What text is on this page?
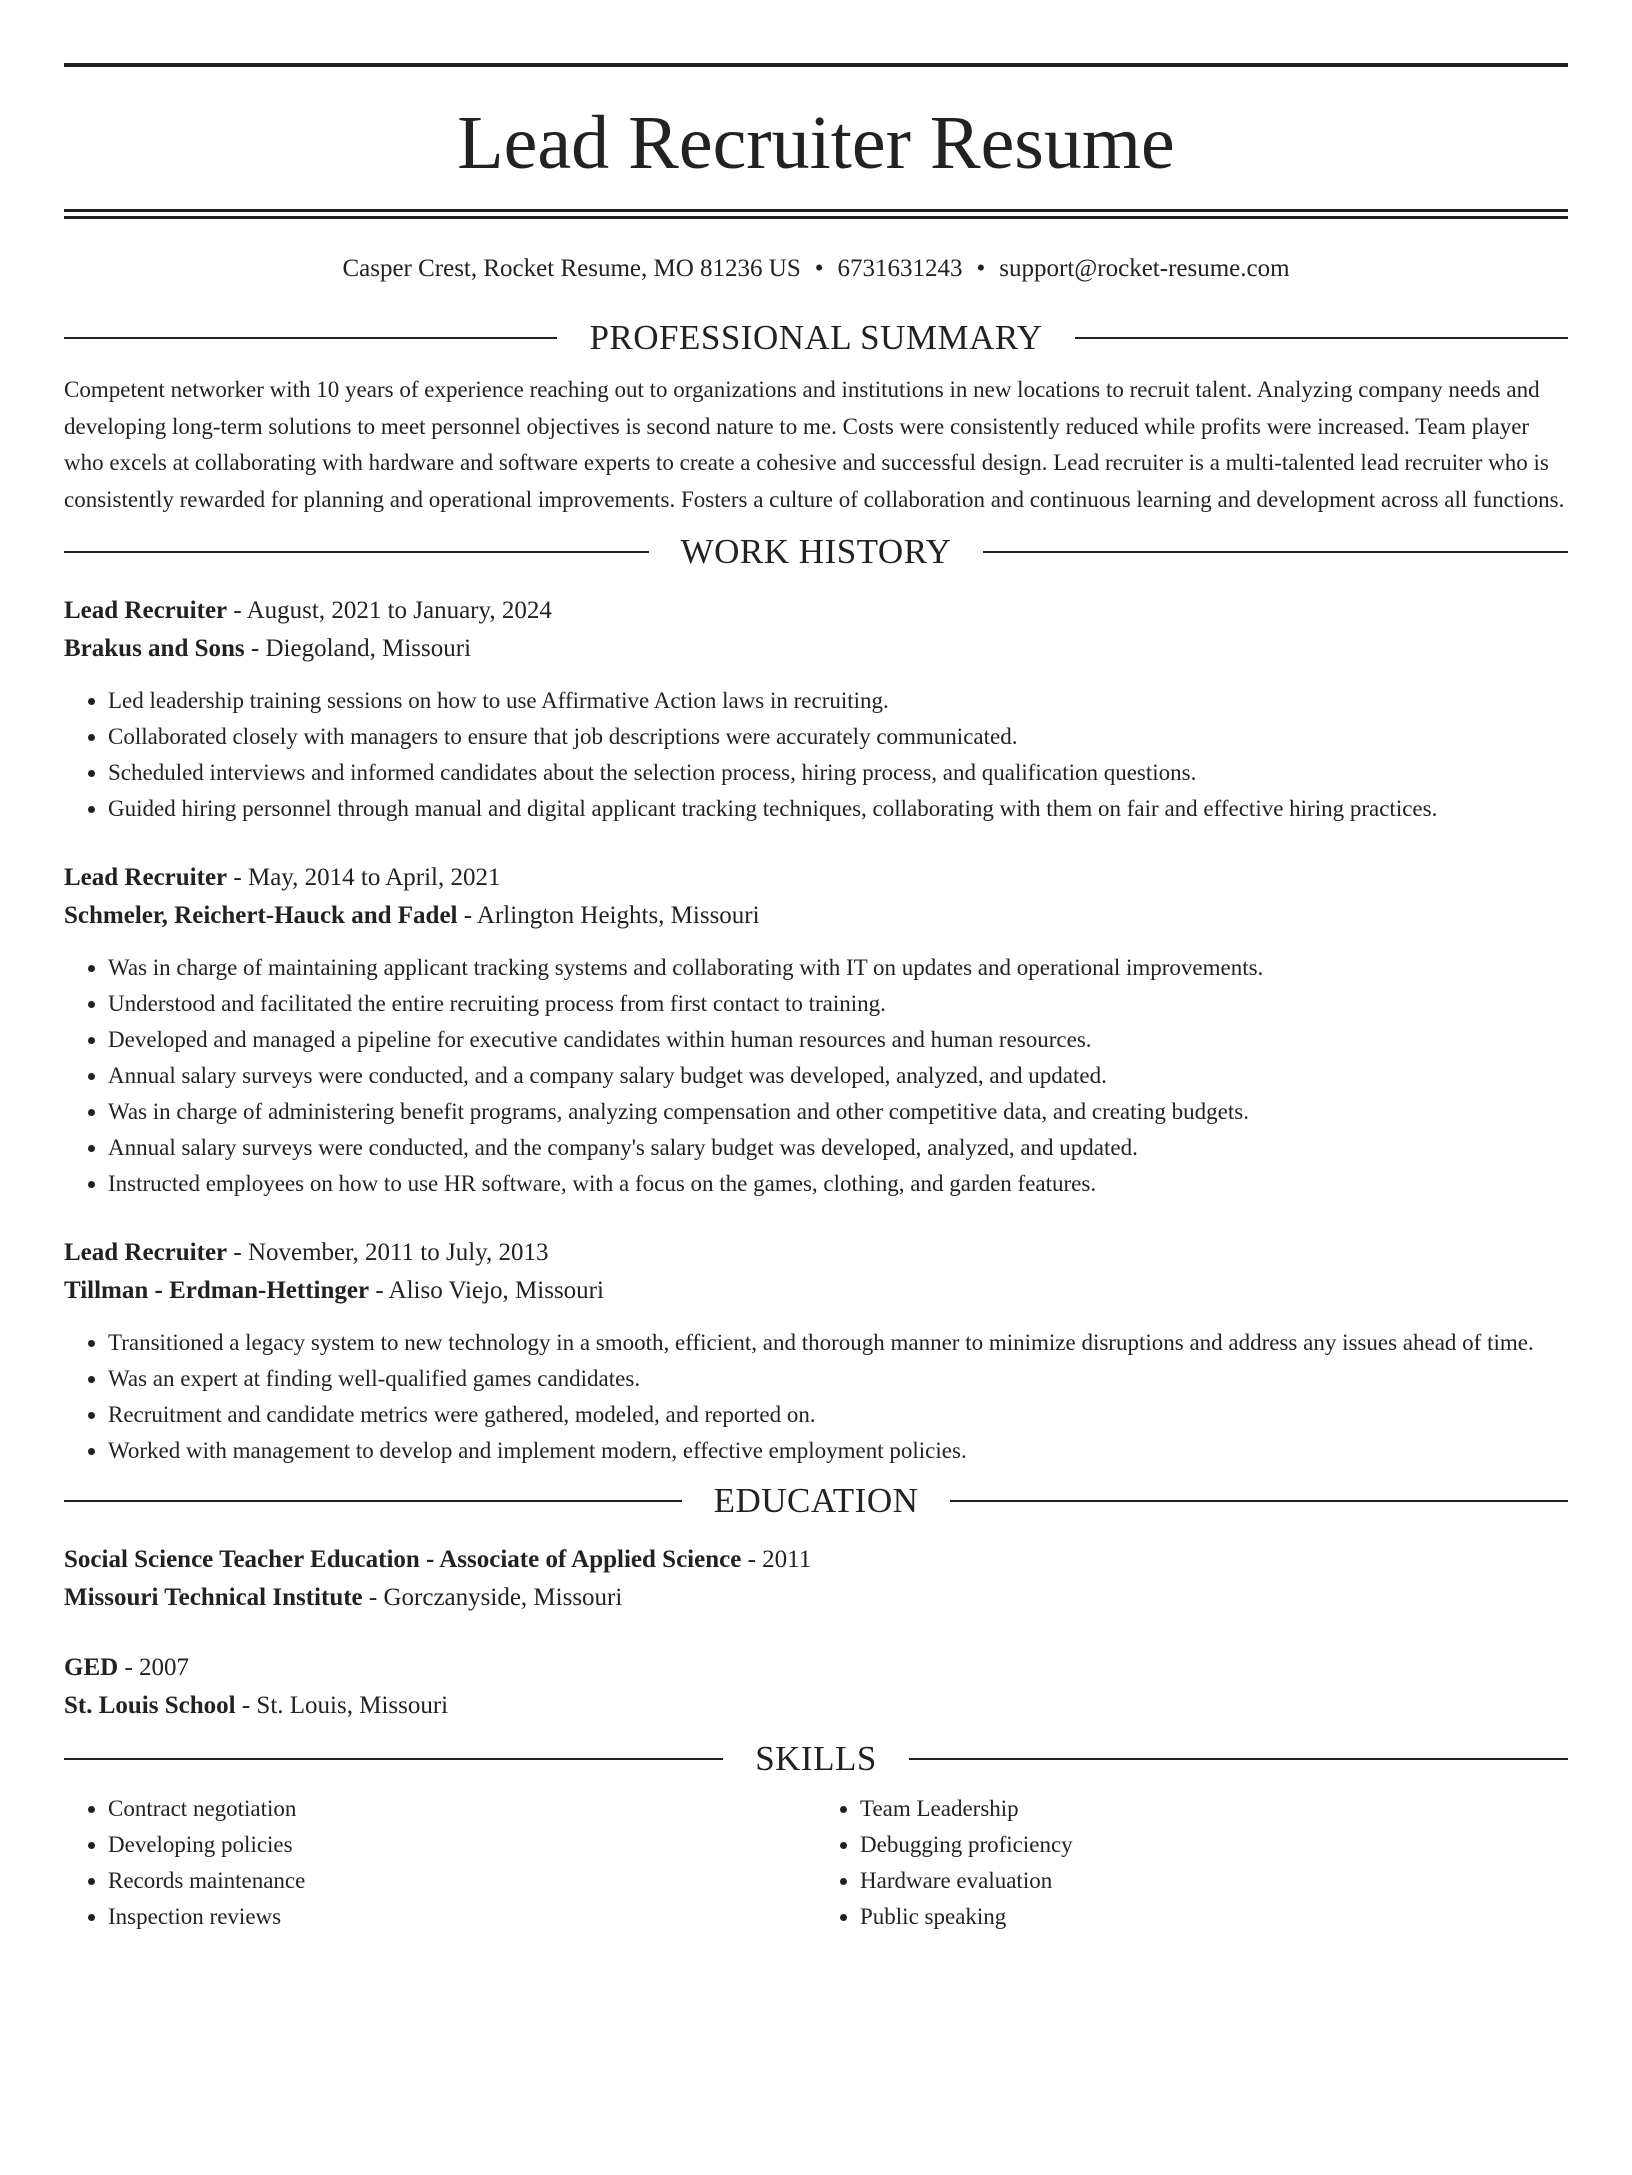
Lead Recruiter Resume
Casper Crest, Rocket Resume, MO 81236 US • 6731631243 • support@rocket-resume.com
PROFESSIONAL SUMMARY

Competent networker with 10 years of experience reaching out to organizations and institutions in new locations to recruit talent. Analyzing company needs and developing long-term solutions to meet personnel objectives is second nature to me. Costs were consistently reduced while profits were increased. Team player who excels at collaborating with hardware and software experts to create a cohesive and successful design. Lead recruiter is a multi-talented lead recruiter who is consistently rewarded for planning and operational improvements. Fosters a culture of collaboration and continuous learning and development across all functions.

WORK HISTORY

Lead Recruiter - August, 2021 to January, 2024

Brakus and Sons - Diegoland, Missouri

• Led leadership training sessions on how to use Affirmative Action laws in recruiting.
• Collaborated closely with managers to ensure that job descriptions were accurately communicated.
• Scheduled interviews and informed candidates about the selection process, hiring process, and qualification questions.
• Guided hiring personnel through manual and digital applicant tracking techniques, collaborating with them on fair and effective hiring practices.

Lead Recruiter - May, 2014 to April, 2021

Schmeler, Reichert-Hauck and Fadel - Arlington Heights, Missouri

• Was in charge of maintaining applicant tracking systems and collaborating with IT on updates and operational improvements.
• Understood and facilitated the entire recruiting process from first contact to training.
• Developed and managed a pipeline for executive candidates within human resources and human resources.
• Annual salary surveys were conducted, and a company salary budget was developed, analyzed, and updated.
• Was in charge of administering benefit programs, analyzing compensation and other competitive data, and creating budgets.
• Annual salary surveys were conducted, and the company's salary budget was developed, analyzed, and updated.
• Instructed employees on how to use HR software, with a focus on the games, clothing, and garden features.

Lead Recruiter - November, 2011 to July, 2013

Tillman - Erdman-Hettinger - Aliso Viejo, Missouri

• Transitioned a legacy system to new technology in a smooth, efficient, and thorough manner to minimize disruptions and address any issues ahead of time.
• Was an expert at finding well-qualified games candidates.
• Recruitment and candidate metrics were gathered, modeled, and reported on.
• Worked with management to develop and implement modern, effective employment policies.
EDUCATION

Social Science Teacher Education - Associate of Applied Science - 2011

Missouri Technical Institute - Gorczanyside, Missouri

GED - 2007

St. Louis School - St. Louis, Missouri

SKILLS
• Contract negotiation
• Developing policies
• Records maintenance
• Inspection reviews
• Team Leadership
• Debugging proficiency
• Hardware evaluation
• Public speaking
